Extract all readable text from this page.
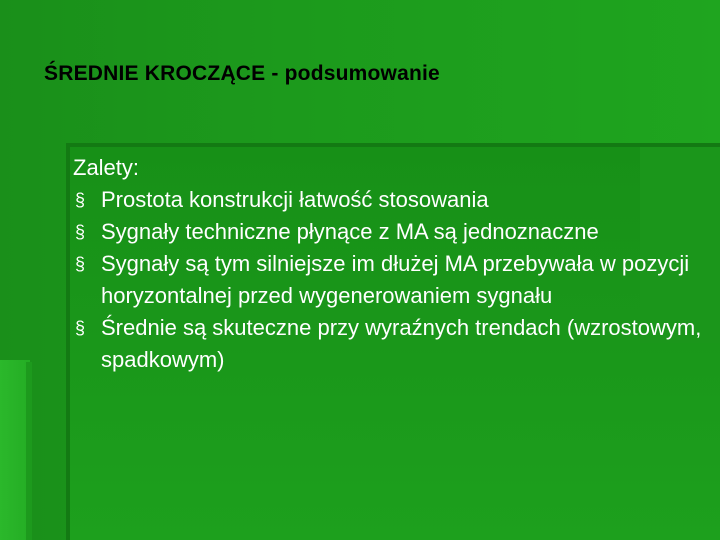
ŚREDNIE KROCZĄCE - podsumowanie
Zalety:
§ Prostota konstrukcji łatwość stosowania
§ Sygnały techniczne płynące z MA są jednoznaczne
§ Sygnały są tym silniejsze im dłużej MA przebywała w pozycji horyzontalnej przed wygenerowaniem sygnału
§ Średnie są skuteczne przy wyraźnych trendach (wzrostowym, spadkowym)
